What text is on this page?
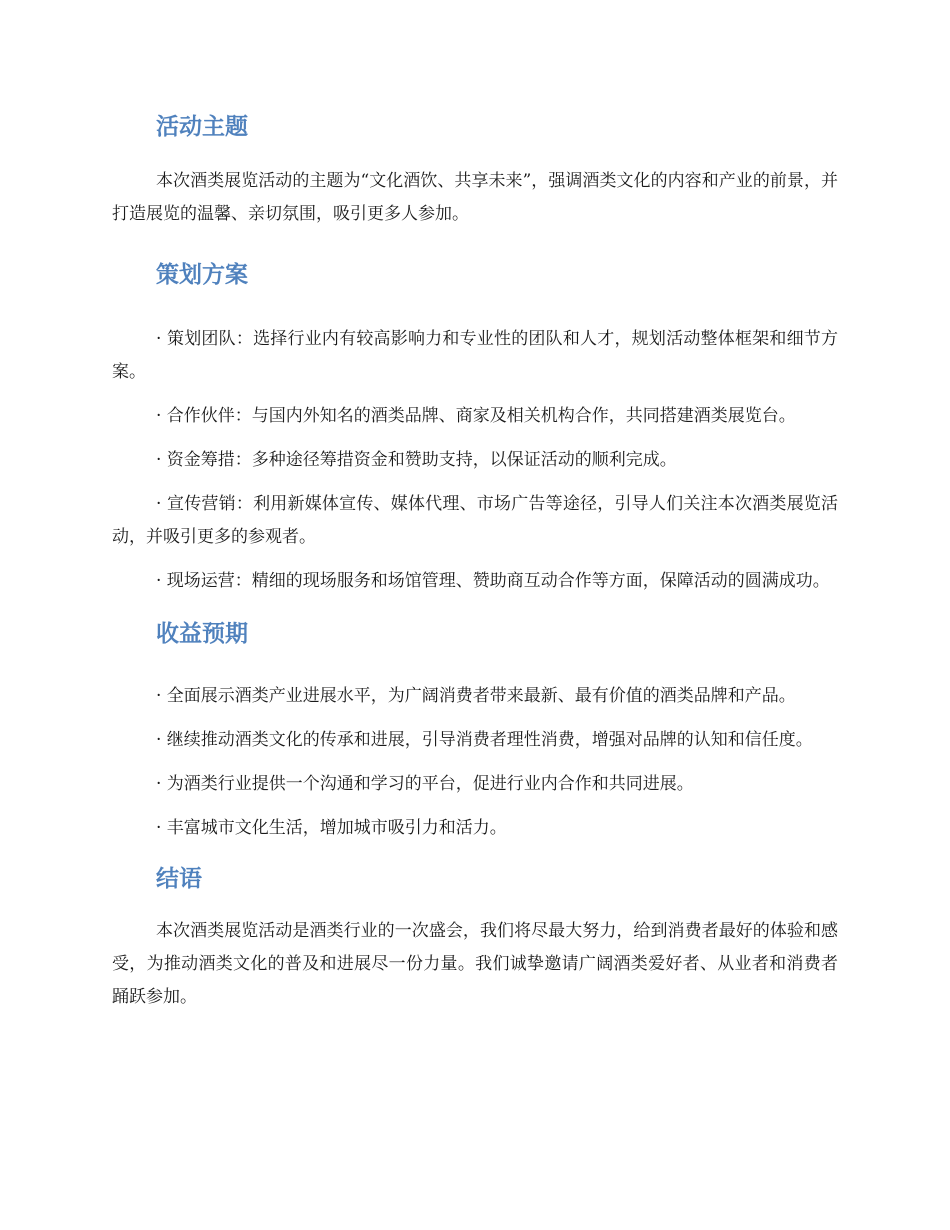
活动主题

本次酒类展览活动的主题为“文化酒饮、共享未来”，强调酒类文化的内容和产业的前景，并打造展览的温馨、亲切氛围，吸引更多人参加。

策划方案
· 策划团队：选择行业内有较高影响力和专业性的团队和人才，规划活动整体框架和细节方案。
· 合作伙伴：与国内外知名的酒类品牌、商家及相关机构合作，共同搭建酒类展览台。
· 资金筹措：多种途径筹措资金和赞助支持，以保证活动的顺利完成。
· 宣传营销：利用新媒体宣传、媒体代理、市场广告等途径，引导人们关注本次酒类展览活动，并吸引更多的参观者。
· 现场运营：精细的现场服务和场馆管理、赞助商互动合作等方面，保障活动的圆满成功。
收益预期
· 全面展示酒类产业进展水平，为广阔消费者带来最新、最有价值的酒类品牌和产品。
· 继续推动酒类文化的传承和进展，引导消费者理性消费，增强对品牌的认知和信任度。
· 为酒类行业提供一个沟通和学习的平台，促进行业内合作和共同进展。
· 丰富城市文化生活，增加城市吸引力和活力。
结语

本次酒类展览活动是酒类行业的一次盛会，我们将尽最大努力，给到消费者最好的体验和感受，为推动酒类文化的普及和进展尽一份力量。我们诚挚邀请广阔酒类爱好者、从业者和消费者踊跃参加。
